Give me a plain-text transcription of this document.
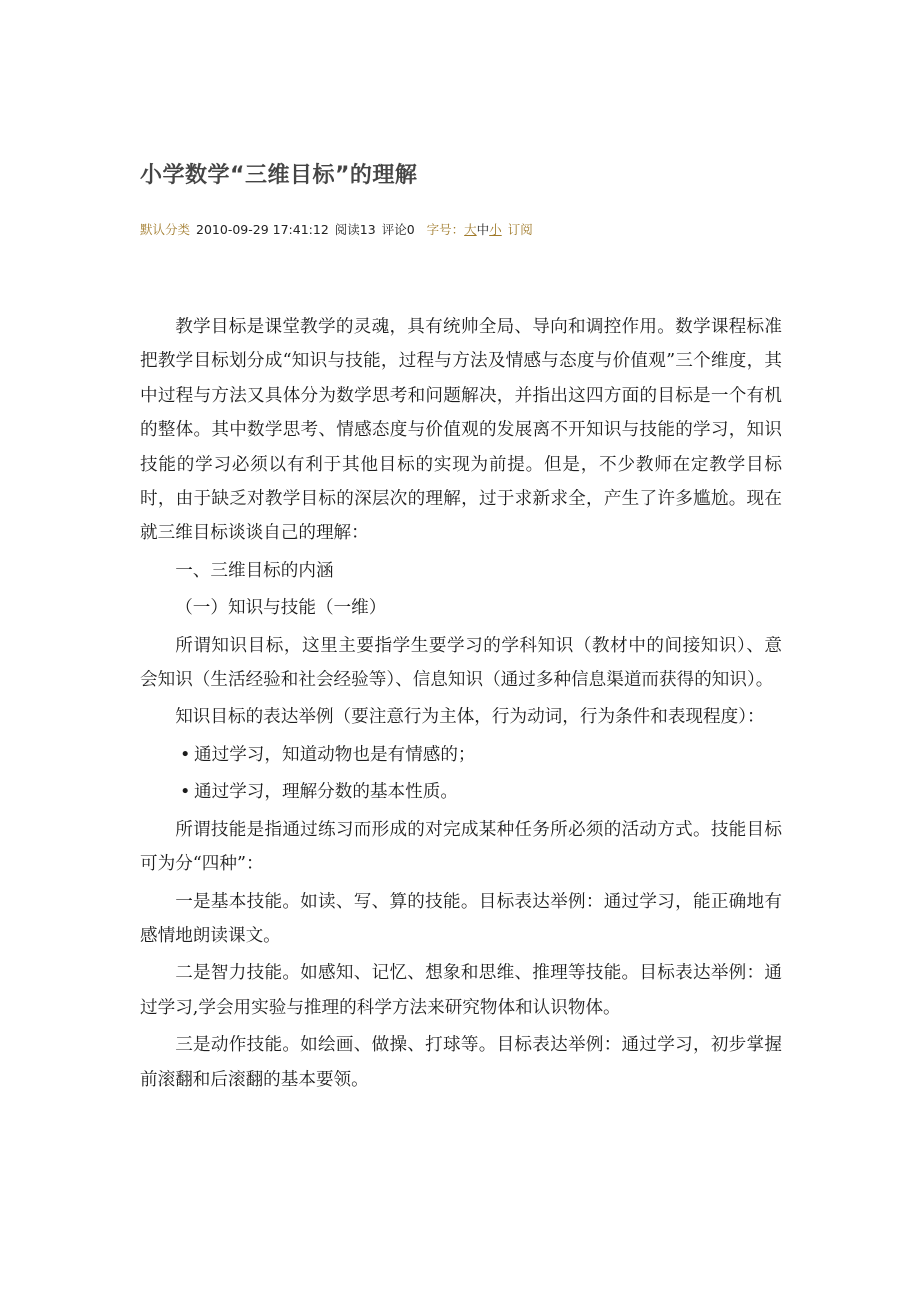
小学数学“三维目标”的理解
默认分类 2010-09-29 17:41:12 阅读13 评论0 字号：大中小 订阅

教学目标是课堂教学的灵魂，具有统帅全局、导向和调控作用。数学课程标准把教学目标划分成“知识与技能，过程与方法及情感与态度与价值观”三个维度，其中过程与方法又具体分为数学思考和问题解决，并指出这四方面的目标是一个有机的整体。其中数学思考、情感态度与价值观的发展离不开知识与技能的学习，知识技能的学习必须以有利于其他目标的实现为前提。但是，不少教师在定教学目标时，由于缺乏对教学目标的深层次的理解，过于求新求全，产生了许多尴尬。现在就三维目标谈谈自己的理解：

一、三维目标的内涵

（一）知识与技能（一维）

所谓知识目标，这里主要指学生要学习的学科知识（教材中的间接知识）、意会知识（生活经验和社会经验等）、信息知识（通过多种信息渠道而获得的知识）。

知识目标的表达举例（要注意行为主体，行为动词，行为条件和表现程度）：

• 通过学习，知道动物也是有情感的；

• 通过学习，理解分数的基本性质。

所谓技能是指通过练习而形成的对完成某种任务所必须的活动方式。技能目标可为分“四种”：

一是基本技能。如读、写、算的技能。目标表达举例：通过学习，能正确地有感情地朗读课文。

二是智力技能。如感知、记忆、想象和思维、推理等技能。目标表达举例：通过学习,学会用实验与推理的科学方法来研究物体和认识物体。

三是动作技能。如绘画、做操、打球等。目标表达举例：通过学习，初步掌握前滚翻和后滚翻的基本要领。
